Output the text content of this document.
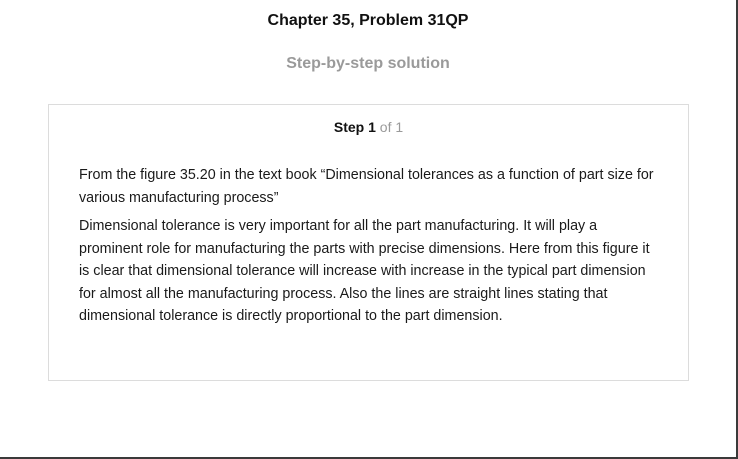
Chapter 35, Problem 31QP
Step-by-step solution
Step 1 of 1

From the figure 35.20 in the text book “Dimensional tolerances as a function of part size for various manufacturing process”

Dimensional tolerance is very important for all the part manufacturing. It will play a prominent role for manufacturing the parts with precise dimensions. Here from this figure it is clear that dimensional tolerance will increase with increase in the typical part dimension for almost all the manufacturing process. Also the lines are straight lines stating that dimensional tolerance is directly proportional to the part dimension.
